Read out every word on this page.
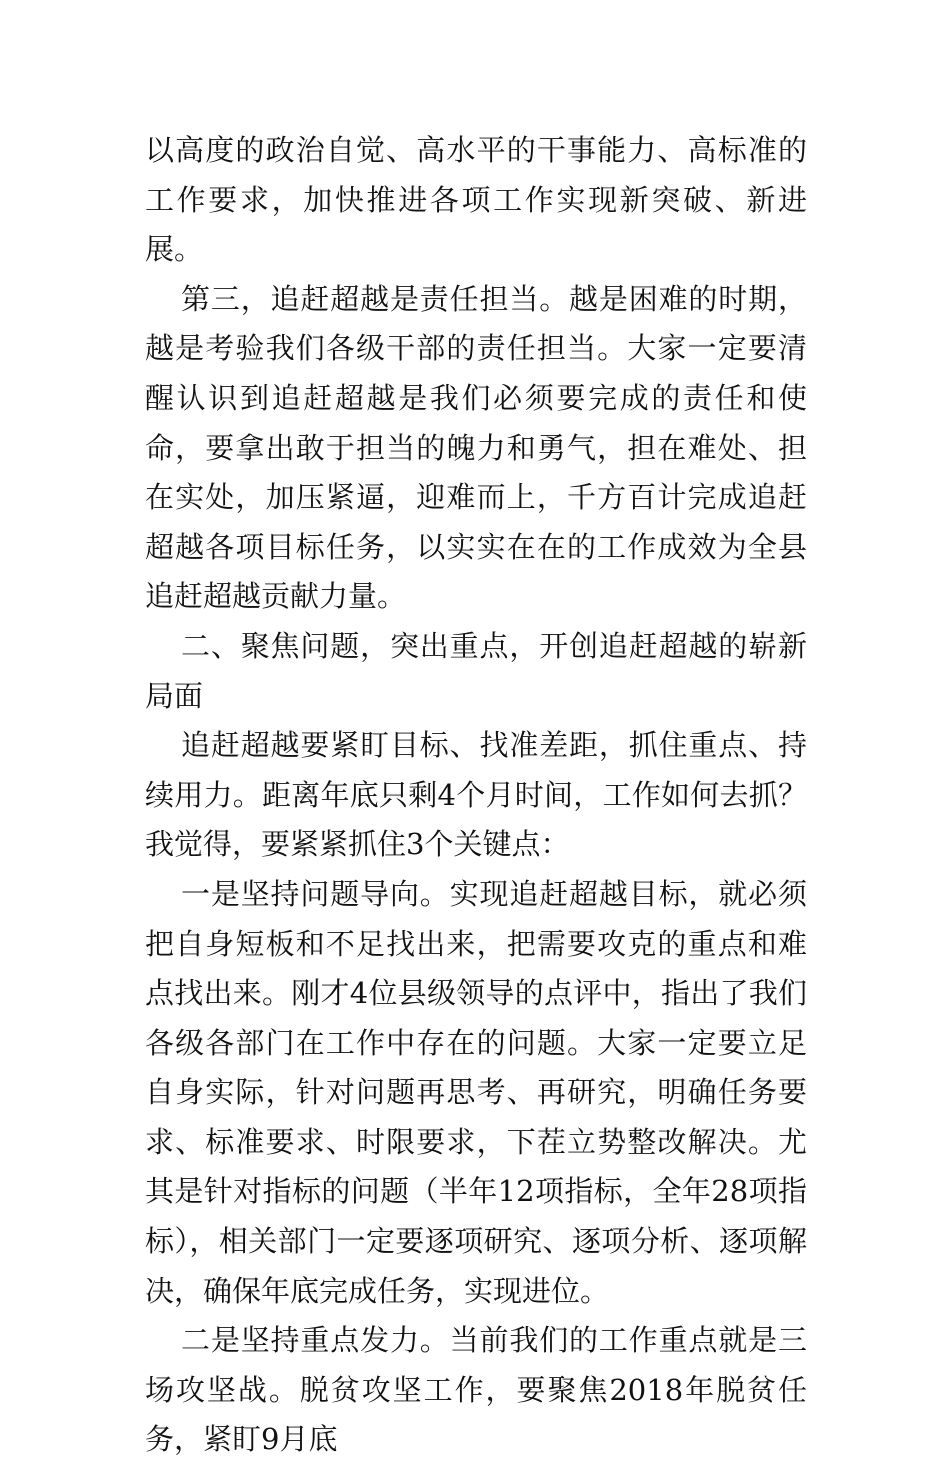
以高度的政治自觉、高水平的干事能力、高标准的工作要求，加快推进各项工作实现新突破、新进展。

第三，追赶超越是责任担当。越是困难的时期，越是考验我们各级干部的责任担当。大家一定要清醒认识到追赶超越是我们必须要完成的责任和使命，要拿出敢于担当的魄力和勇气，担在难处、担在实处，加压紧逼，迎难而上，千方百计完成追赶超越各项目标任务，以实实在在的工作成效为全县追赶超越贡献力量。

二、聚焦问题，突出重点，开创追赶超越的崭新局面

追赶超越要紧盯目标、找准差距，抓住重点、持续用力。距离年底只剩4个月时间，工作如何去抓？我觉得，要紧紧抓住3个关键点：

一是坚持问题导向。实现追赶超越目标，就必须把自身短板和不足找出来，把需要攻克的重点和难点找出来。刚才4位县级领导的点评中，指出了我们各级各部门在工作中存在的问题。大家一定要立足自身实际，针对问题再思考、再研究，明确任务要求、标准要求、时限要求，下茬立势整改解决。尤其是针对指标的问题（半年12项指标，全年28项指标），相关部门一定要逐项研究、逐项分析、逐项解决，确保年底完成任务，实现进位。

二是坚持重点发力。当前我们的工作重点就是三场攻坚战。脱贫攻坚工作，要聚焦2018年脱贫任务，紧盯9月底
